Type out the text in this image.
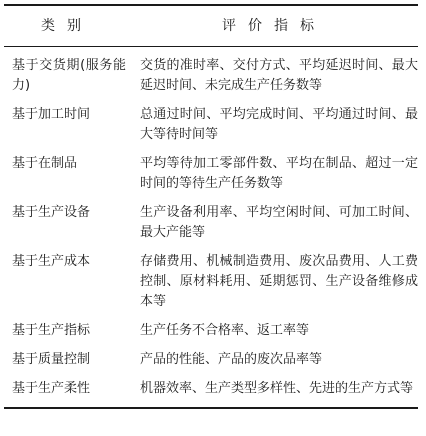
类别	评价指标

基于交货期(服务能力)	交货的准时率、交付方式、平均延迟时间、最大延迟时间、未完成生产任务数等

基于加工时间	总通过时间、平均完成时间、平均通过时间、最大等待时间等

基于在制品	平均等待加工零部件数、平均在制品、超过一定时间的等待生产任务数等

基于生产设备	生产设备利用率、平均空闲时间、可加工时间、最大产能等

基于生产成本	存储费用、机械制造费用、废次品费用、人工费控制、原材料耗用、延期惩罚、生产设备维修成本等

基于生产指标	生产任务不合格率、返工率等

基于质量控制	产品的性能、产品的废次品率等

基于生产柔性	机器效率、生产类型多样性、先进的生产方式等
